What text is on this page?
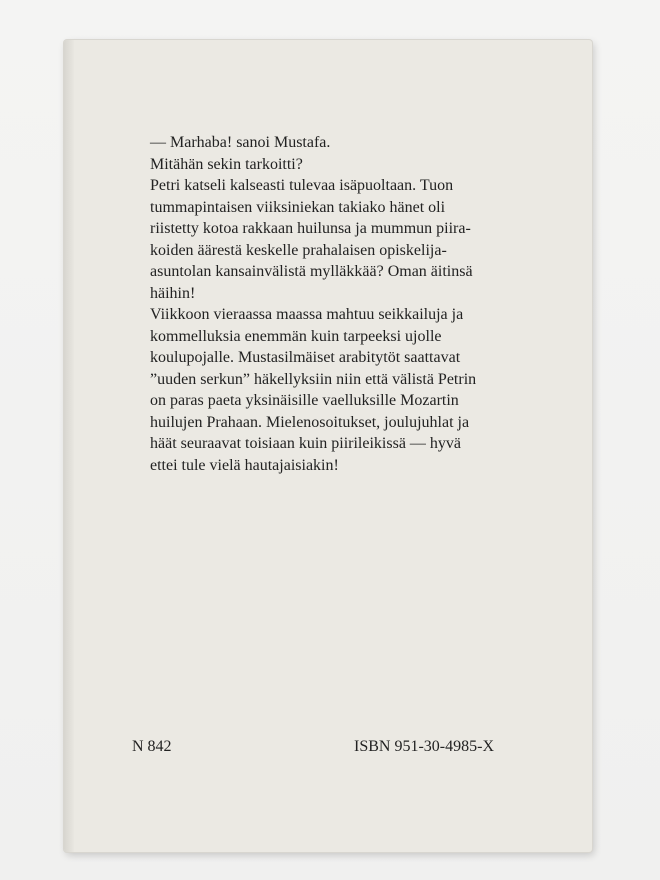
— Marhaba! sanoi Mustafa.

Mitähän sekin tarkoitti?

Petri katseli kalseasti tulevaa isäpuoltaan. Tuon
tummapintaisen viiksiniekan takiako hänet oli
riistetty kotoa rakkaan huilunsa ja mummun piira-
koiden äärestä keskelle prahalaisen opiskelija-
asuntolan kansainvälistä mylläkkää? Oman äitinsä
häihin!

Viikkoon vieraassa maassa mahtuu seikkailuja ja
kommelluksia enemmän kuin tarpeeksi ujolle
koulupojalle. Mustasilmäiset arabitytöt saattavat
”uuden serkun” häkellyksiin niin että välistä Petrin
on paras paeta yksinäisille vaelluksille Mozartin
huilujen Prahaan. Mielenosoitukset, joulujuhlat ja
häät seuraavat toisiaan kuin piirileikissä — hyvä
ettei tule vielä hautajaisiakin!

N 842	ISBN 951-30-4985-X
